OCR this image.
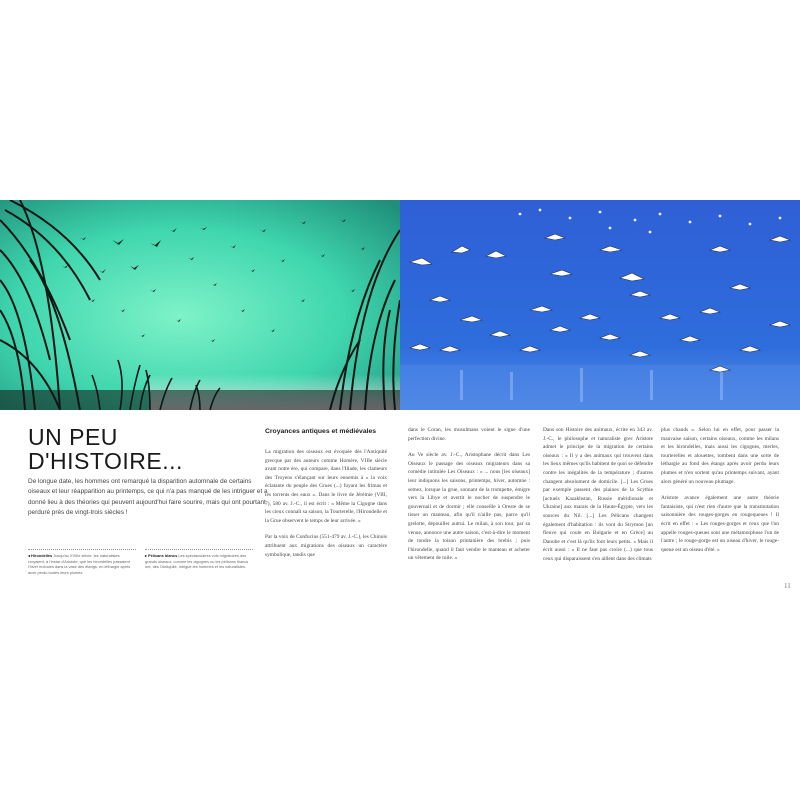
UN PEU
D'HISTOIRE...

De longue date, les hommes ont remarqué la disparition automnale de certains oiseaux et leur réapparition au printemps, ce qui n'a pas manqué de les intriguer et a donné lieu à des théories qui peuvent aujourd'hui faire sourire, mais qui ont pourtant perduré près de vingt-trois siècles !

◂ Hirondelles Jusqu'au XVIIIe siècle, les naturalistes croyaient, à l'instar d'Aristote, que les hirondelles passaient l'hiver enfouies dans la vase des étangs, en léthargie après avoir perdu toutes leurs plumes.
▸ Pélicans blancs Les spectaculaires vols migratoires des grands oiseaux, comme les cigognes ou les pélicans blancs ont, dès l'Antiquité, intrigué les hommes et les naturalistes.
Croyances antiques et médiévales

La migration des oiseaux est évoquée dès l'Antiquité grecque par des auteurs comme Homère, VIIIe siècle avant notre ère, qui compare, dans l'Iliade, les clameurs des Troyens s'élançant sur leurs ennemis à « la voix éclatante du peuple des Grues (...) fuyant les frimas et les torrents des eaux ». Dans le livre de Jérémie (VIII, 7), 580 av. J.-C., il est écrit : « Même la Cigogne dans les cieux connaît sa saison, la Tourterelle, l'Hirondelle et la Grue observent le temps de leur arrivée. »

Par la voix de Confucius (551-479 av. J.-C.), les Chinois attribuent aux migrations des oiseaux un caractère symbolique, tandis que

dans le Coran, les musulmans voient le signe d'une perfection divine.

Au Ve siècle av. J.-C., Aristophane décrit dans Les Oiseaux le passage des oiseaux migrateurs dans sa comédie intitulée Les Oiseaux : « ... nous [les oiseaux] leur indiquons les saisons, printemps, hiver, automne : semez, lorsque la grue, sonnant de la trompette, émigre vers la Libye et avertit le nocher de suspendre le gouvernail et de dormir ; elle conseille à Oreste de se tisser un manteau, afin qu'il n'aille pas, parce qu'il grelotte, dépouiller autrui. Le milan, à son tour, par sa venue, annonce une autre saison, c'est-à-dire le moment de tondre la toison printanière des brebis ; puis l'hirondelle, quand il faut vendre le manteau et acheter un vêtement de toile. »

Dans son Histoire des animaux, écrite en 343 av. J.-C., le philosophe et naturaliste grec Aristote admet le principe de la migration de certains oiseaux : « Il y a des animaux qui trouvent dans les lieux mêmes qu'ils habitent de quoi se défendre contre les inégalités de la température ; d'autres changent absolument de domicile. [...] Les Grues par exemple passent des plaines de la Scythie [actuels Kazakhstan, Russie méridionale et Ukraine] aux marais de la Haute-Égypte, vers les sources du Nil. [...] Les Pélicans changent également d'habitation : ils vont du Strymon [un fleuve qui coule en Bulgarie et en Grèce] au Danube et c'est là qu'ils font leurs petits. » Mais il écrit aussi : « Il ne faut pas croire (...) que tous ceux qui disparaissent s'en aillent dans des climats

plus chauds ». Selon lui en effet, pour passer la mauvaise saison, certains oiseaux, comme les milans et les hirondelles, mais aussi les cigognes, merles, tourterelles et alouettes, tombent dans une sorte de léthargie au fond des étangs après avoir perdu leurs plumes et n'en sortent qu'au printemps suivant, ayant alors généré un nouveau plumage.

Aristote avance également une autre théorie fantaisiste, qui n'est rien d'autre que la transmutation saisonnière des rouges-gorges en rougequeues ! Il écrit en effet : « Les rouges-gorges et ceux que l'on appelle rouges-queues sont une métamorphose l'un de l'autre ; le rouge-gorge est un oiseau d'hiver, le rouge-queue est un oiseau d'été. »

11
